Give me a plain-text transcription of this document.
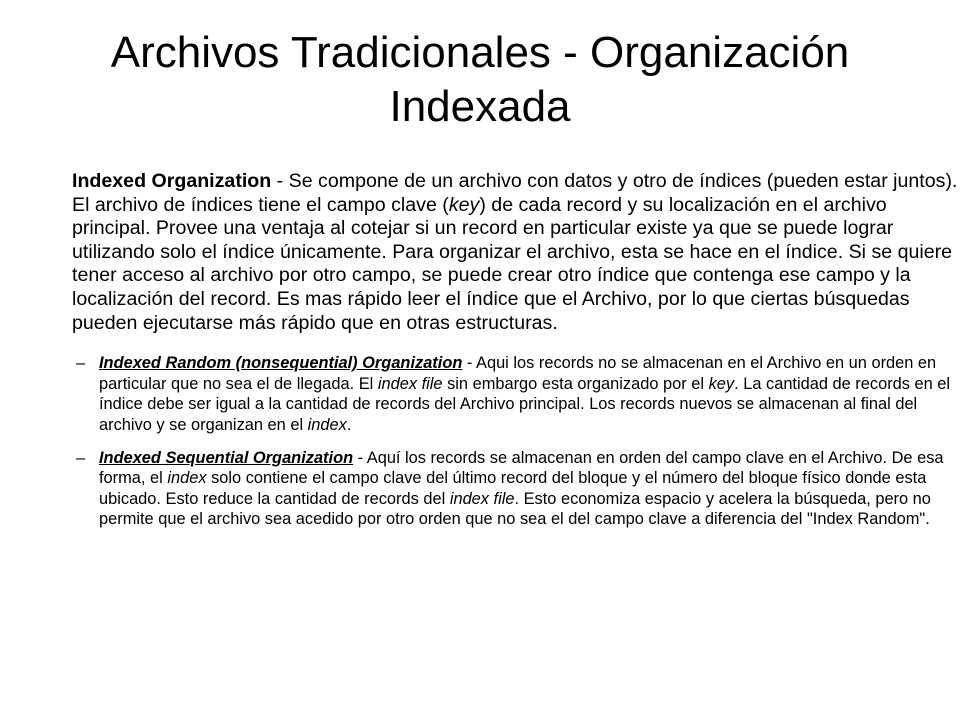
Archivos Tradicionales - Organización Indexada

Indexed Organization - Se compone de un archivo con datos y otro de índices (pueden estar juntos). El archivo de índices tiene el campo clave (key) de cada record y su localización en el archivo principal. Provee una ventaja al cotejar si un record en particular existe ya que se puede lograr utilizando solo el índice únicamente. Para organizar el archivo, esta se hace en el índice. Si se quiere tener acceso al archivo por otro campo, se puede crear otro índice que contenga ese campo y la localización del record. Es mas rápido leer el índice que el Archivo, por lo que ciertas búsquedas pueden ejecutarse más rápido que en otras estructuras.

– Indexed Random (nonsequential) Organization - Aqui los records no se almacenan en el Archivo en un orden en particular que no sea el de llegada. El index file sin embargo esta organizado por el key. La cantidad de records en el índice debe ser igual a la cantidad de records del Archivo principal. Los records nuevos se almacenan al final del archivo y se organizan en el index.
– Indexed Sequential Organization - Aquí los records se almacenan en orden del campo clave en el Archivo. De esa forma, el index solo contiene el campo clave del último record del bloque y el número del bloque físico donde esta ubicado. Esto reduce la cantidad de records del index file. Esto economiza espacio y acelera la búsqueda, pero no permite que el archivo sea acedido por otro orden que no sea el del campo clave a diferencia del "Index Random".
